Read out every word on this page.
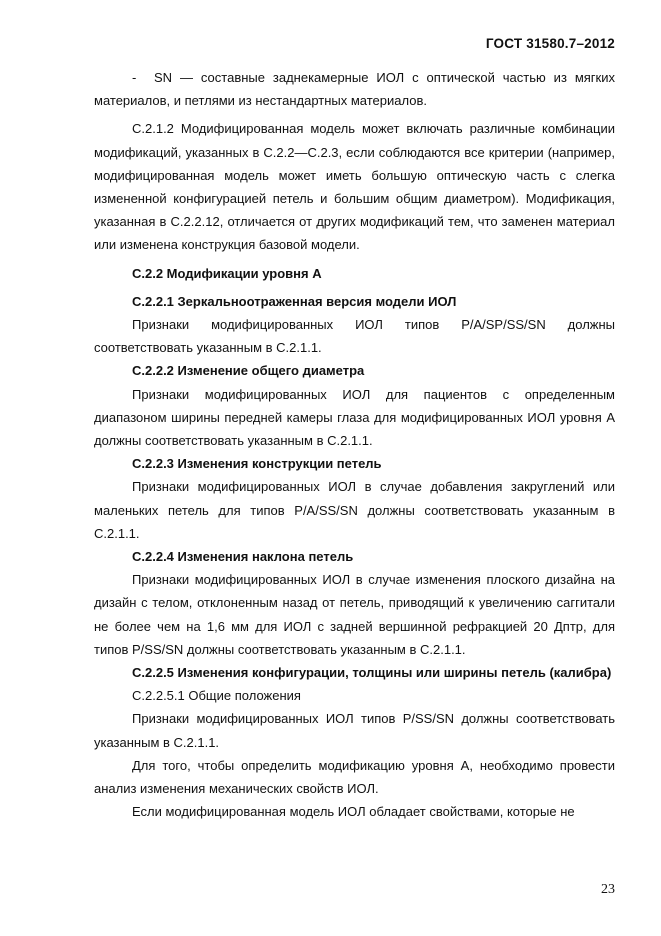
ГОСТ 31580.7–2012

- SN — составные заднекамерные ИОЛ с оптической частью из мягких материалов, и петлями из нестандартных материалов.

С.2.1.2 Модифицированная модель может включать различные комбинации модификаций, указанных в С.2.2—С.2.3, если соблюдаются все критерии (например, модифицированная модель может иметь большую оптическую часть с слегка измененной конфигурацией петель и большим общим диаметром). Модификация, указанная в С.2.2.12, отличается от других модификаций тем, что заменен материал или изменена конструкция базовой модели.

С.2.2 Модификации уровня А

С.2.2.1 Зеркальноотраженная версия модели ИОЛ

Признаки модифицированных ИОЛ типов P/A/SP/SS/SN должны соответствовать указанным в С.2.1.1.

С.2.2.2 Изменение общего диаметра

Признаки модифицированных ИОЛ для пациентов с определенным диапазоном ширины передней камеры глаза для модифицированных ИОЛ уровня А должны соответствовать указанным в С.2.1.1.

С.2.2.3 Изменения конструкции петель

Признаки модифицированных ИОЛ в случае добавления закруглений или маленьких петель для типов P/A/SS/SN должны соответствовать указанным в С.2.1.1.

С.2.2.4 Изменения наклона петель

Признаки модифицированных ИОЛ в случае изменения плоского дизайна на дизайн с телом, отклоненным назад от петель, приводящий к увеличению саггитали не более чем на 1,6 мм для ИОЛ с задней вершинной рефракцией 20 Дптр, для типов P/SS/SN должны соответствовать указанным в С.2.1.1.

С.2.2.5 Изменения конфигурации, толщины или ширины петель (калибра)

С.2.2.5.1 Общие положения

Признаки модифицированных ИОЛ типов P/SS/SN должны соответствовать указанным в С.2.1.1.

Для того, чтобы определить модификацию уровня А, необходимо провести анализ изменения механических свойств ИОЛ.

Если модифицированная модель ИОЛ обладает свойствами, которые не

23
